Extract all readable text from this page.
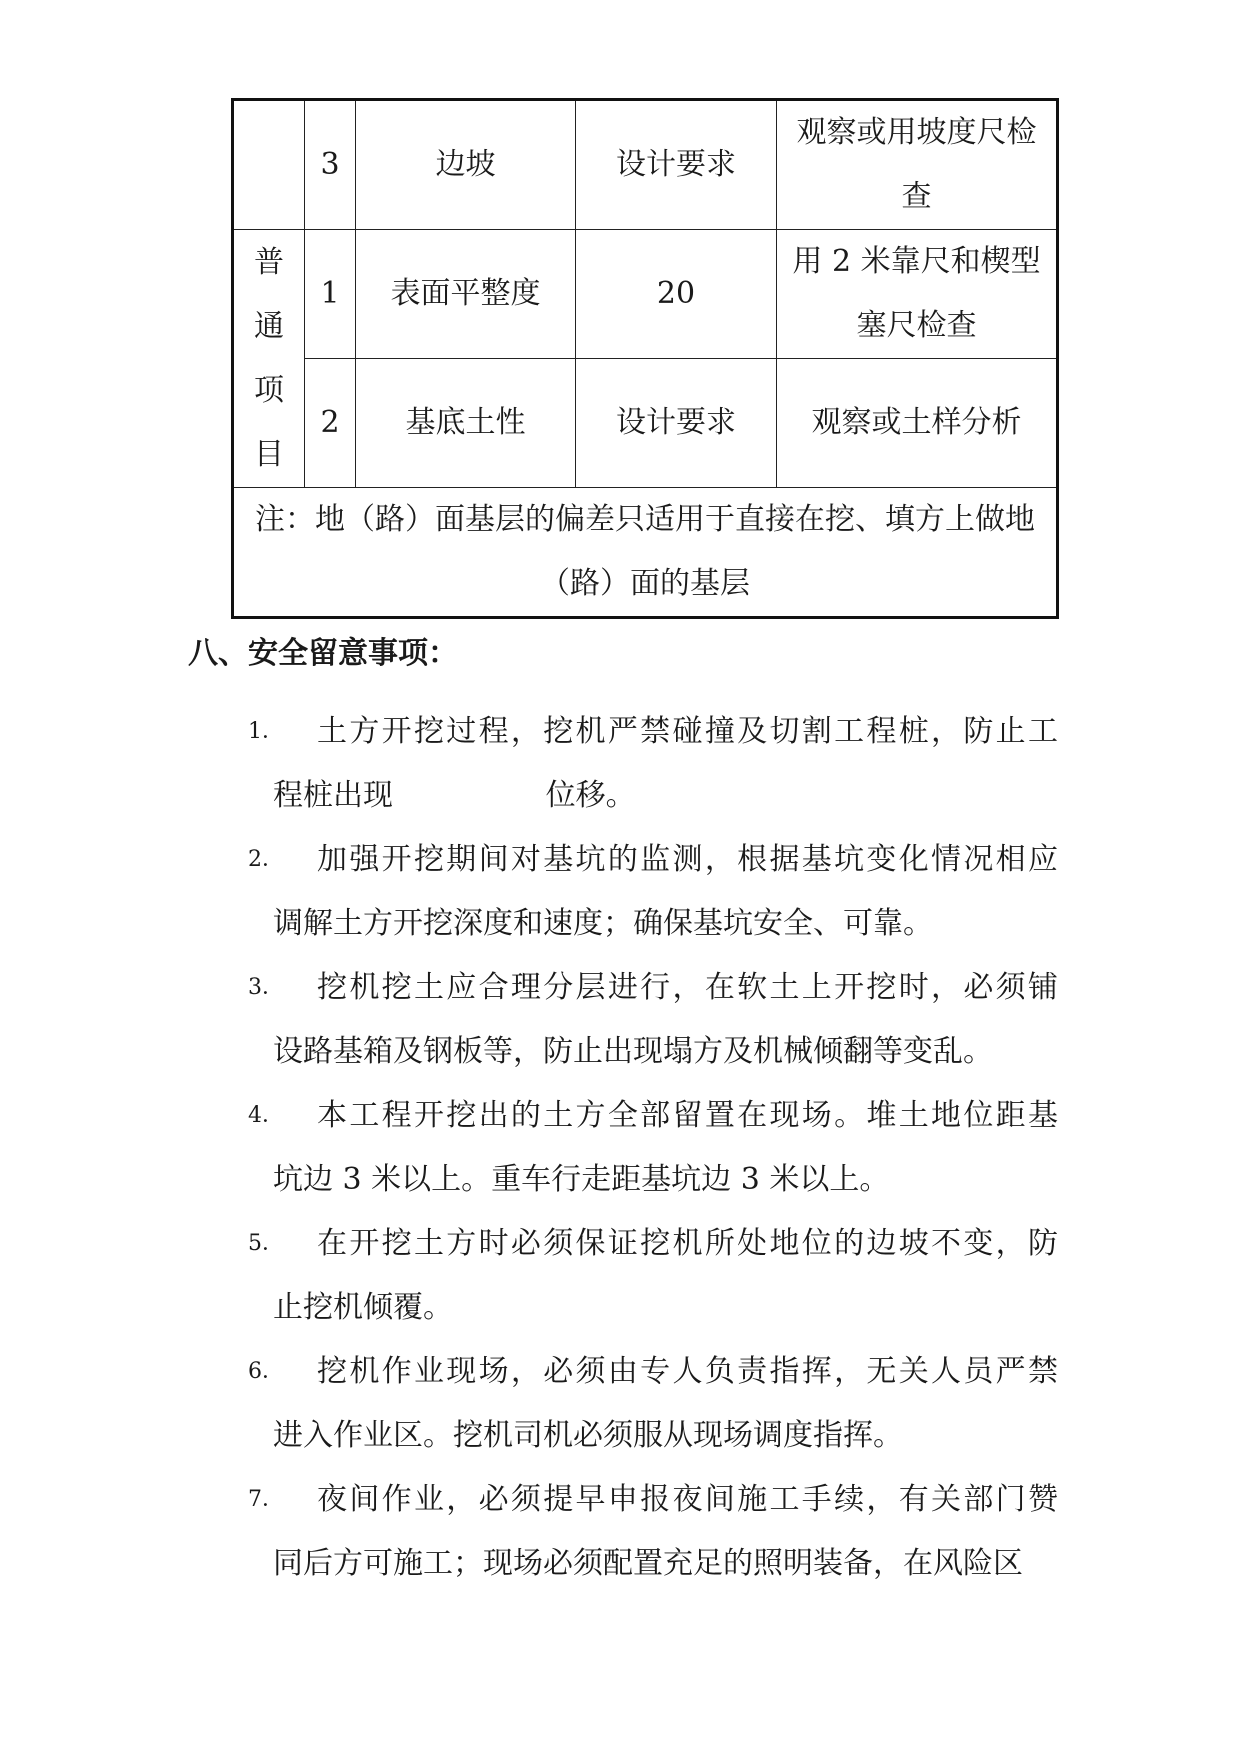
	3	边坡	设计要求	观察或用坡度尺检
查

普
通
项
目	1	表面平整度	20	用 2 米靠尺和楔型
塞尺检查

	2	基底土性	设计要求	观察或土样分析

注：地（路）面基层的偏差只适用于直接在挖、填方上做地
（路）面的基层				
八、安全留意事项：

1．	土方开挖过程，挖机严禁碰撞及切割工程桩，防止工
程桩出现                位移。

2．	加强开挖期间对基坑的监测，根据基坑变化情况相应
调解土方开挖深度和速度；确保基坑安全、可靠。

3．	挖机挖土应合理分层进行，在软土上开挖时，必须铺
设路基箱及钢板等，防止出现塌方及机械倾翻等变乱。

4．	本工程开挖出的土方全部留置在现场。堆土地位距基
坑边 3 米以上。重车行走距基坑边 3 米以上。

5．	在开挖土方时必须保证挖机所处地位的边坡不变，防
止挖机倾覆。

6．	挖机作业现场，必须由专人负责指挥，无关人员严禁
进入作业区。挖机司机必须服从现场调度指挥。

7．	夜间作业，必须提早申报夜间施工手续，有关部门赞
同后方可施工；现场必须配置充足的照明装备，在风险区
